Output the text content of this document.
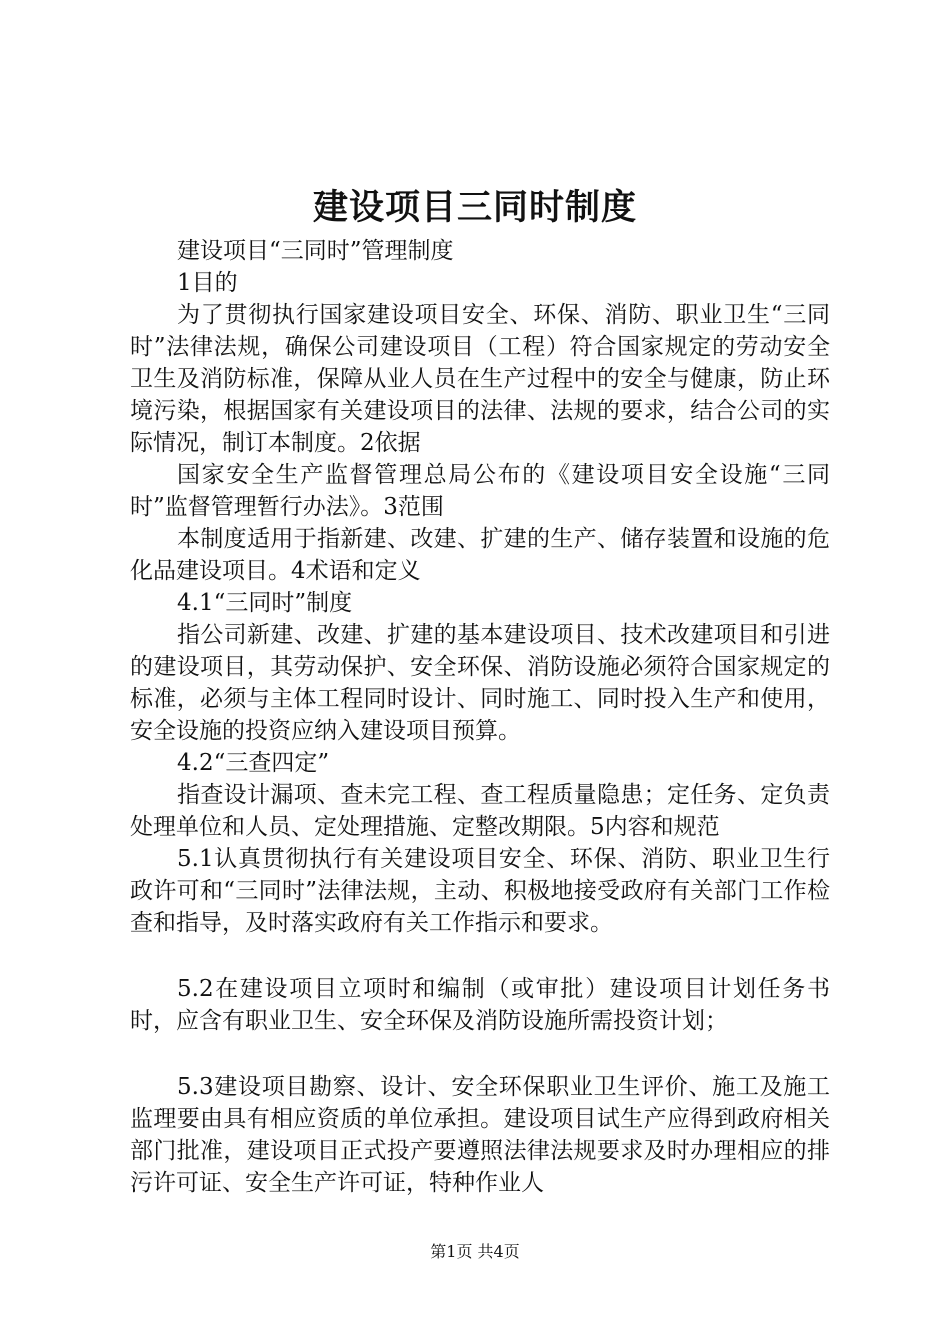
建设项目三同时制度

建设项目“三同时”管理制度

1目的

为了贯彻执行国家建设项目安全、环保、消防、职业卫生“三同时”法律法规，确保公司建设项目（工程）符合国家规定的劳动安全卫生及消防标准，保障从业人员在生产过程中的安全与健康，防止环境污染，根据国家有关建设项目的法律、法规的要求，结合公司的实际情况，制订本制度。2依据

国家安全生产监督管理总局公布的《建设项目安全设施“三同时”监督管理暂行办法》。3范围

本制度适用于指新建、改建、扩建的生产、储存装置和设施的危化品建设项目。4术语和定义

4.1“三同时”制度

指公司新建、改建、扩建的基本建设项目、技术改建项目和引进的建设项目，其劳动保护、安全环保、消防设施必须符合国家规定的标准，必须与主体工程同时设计、同时施工、同时投入生产和使用，安全设施的投资应纳入建设项目预算。

4.2“三查四定”

指查设计漏项、查未完工程、查工程质量隐患；定任务、定负责处理单位和人员、定处理措施、定整改期限。5内容和规范

5.1认真贯彻执行有关建设项目安全、环保、消防、职业卫生行政许可和“三同时”法律法规，主动、积极地接受政府有关部门工作检查和指导，及时落实政府有关工作指示和要求。

5.2在建设项目立项时和编制（或审批）建设项目计划任务书时，应含有职业卫生、安全环保及消防设施所需投资计划；

5.3建设项目勘察、设计、安全环保职业卫生评价、施工及施工监理要由具有相应资质的单位承担。建设项目试生产应得到政府相关部门批准，建设项目正式投产要遵照法律法规要求及时办理相应的排污许可证、安全生产许可证，特种作业人

第1页 共4页
